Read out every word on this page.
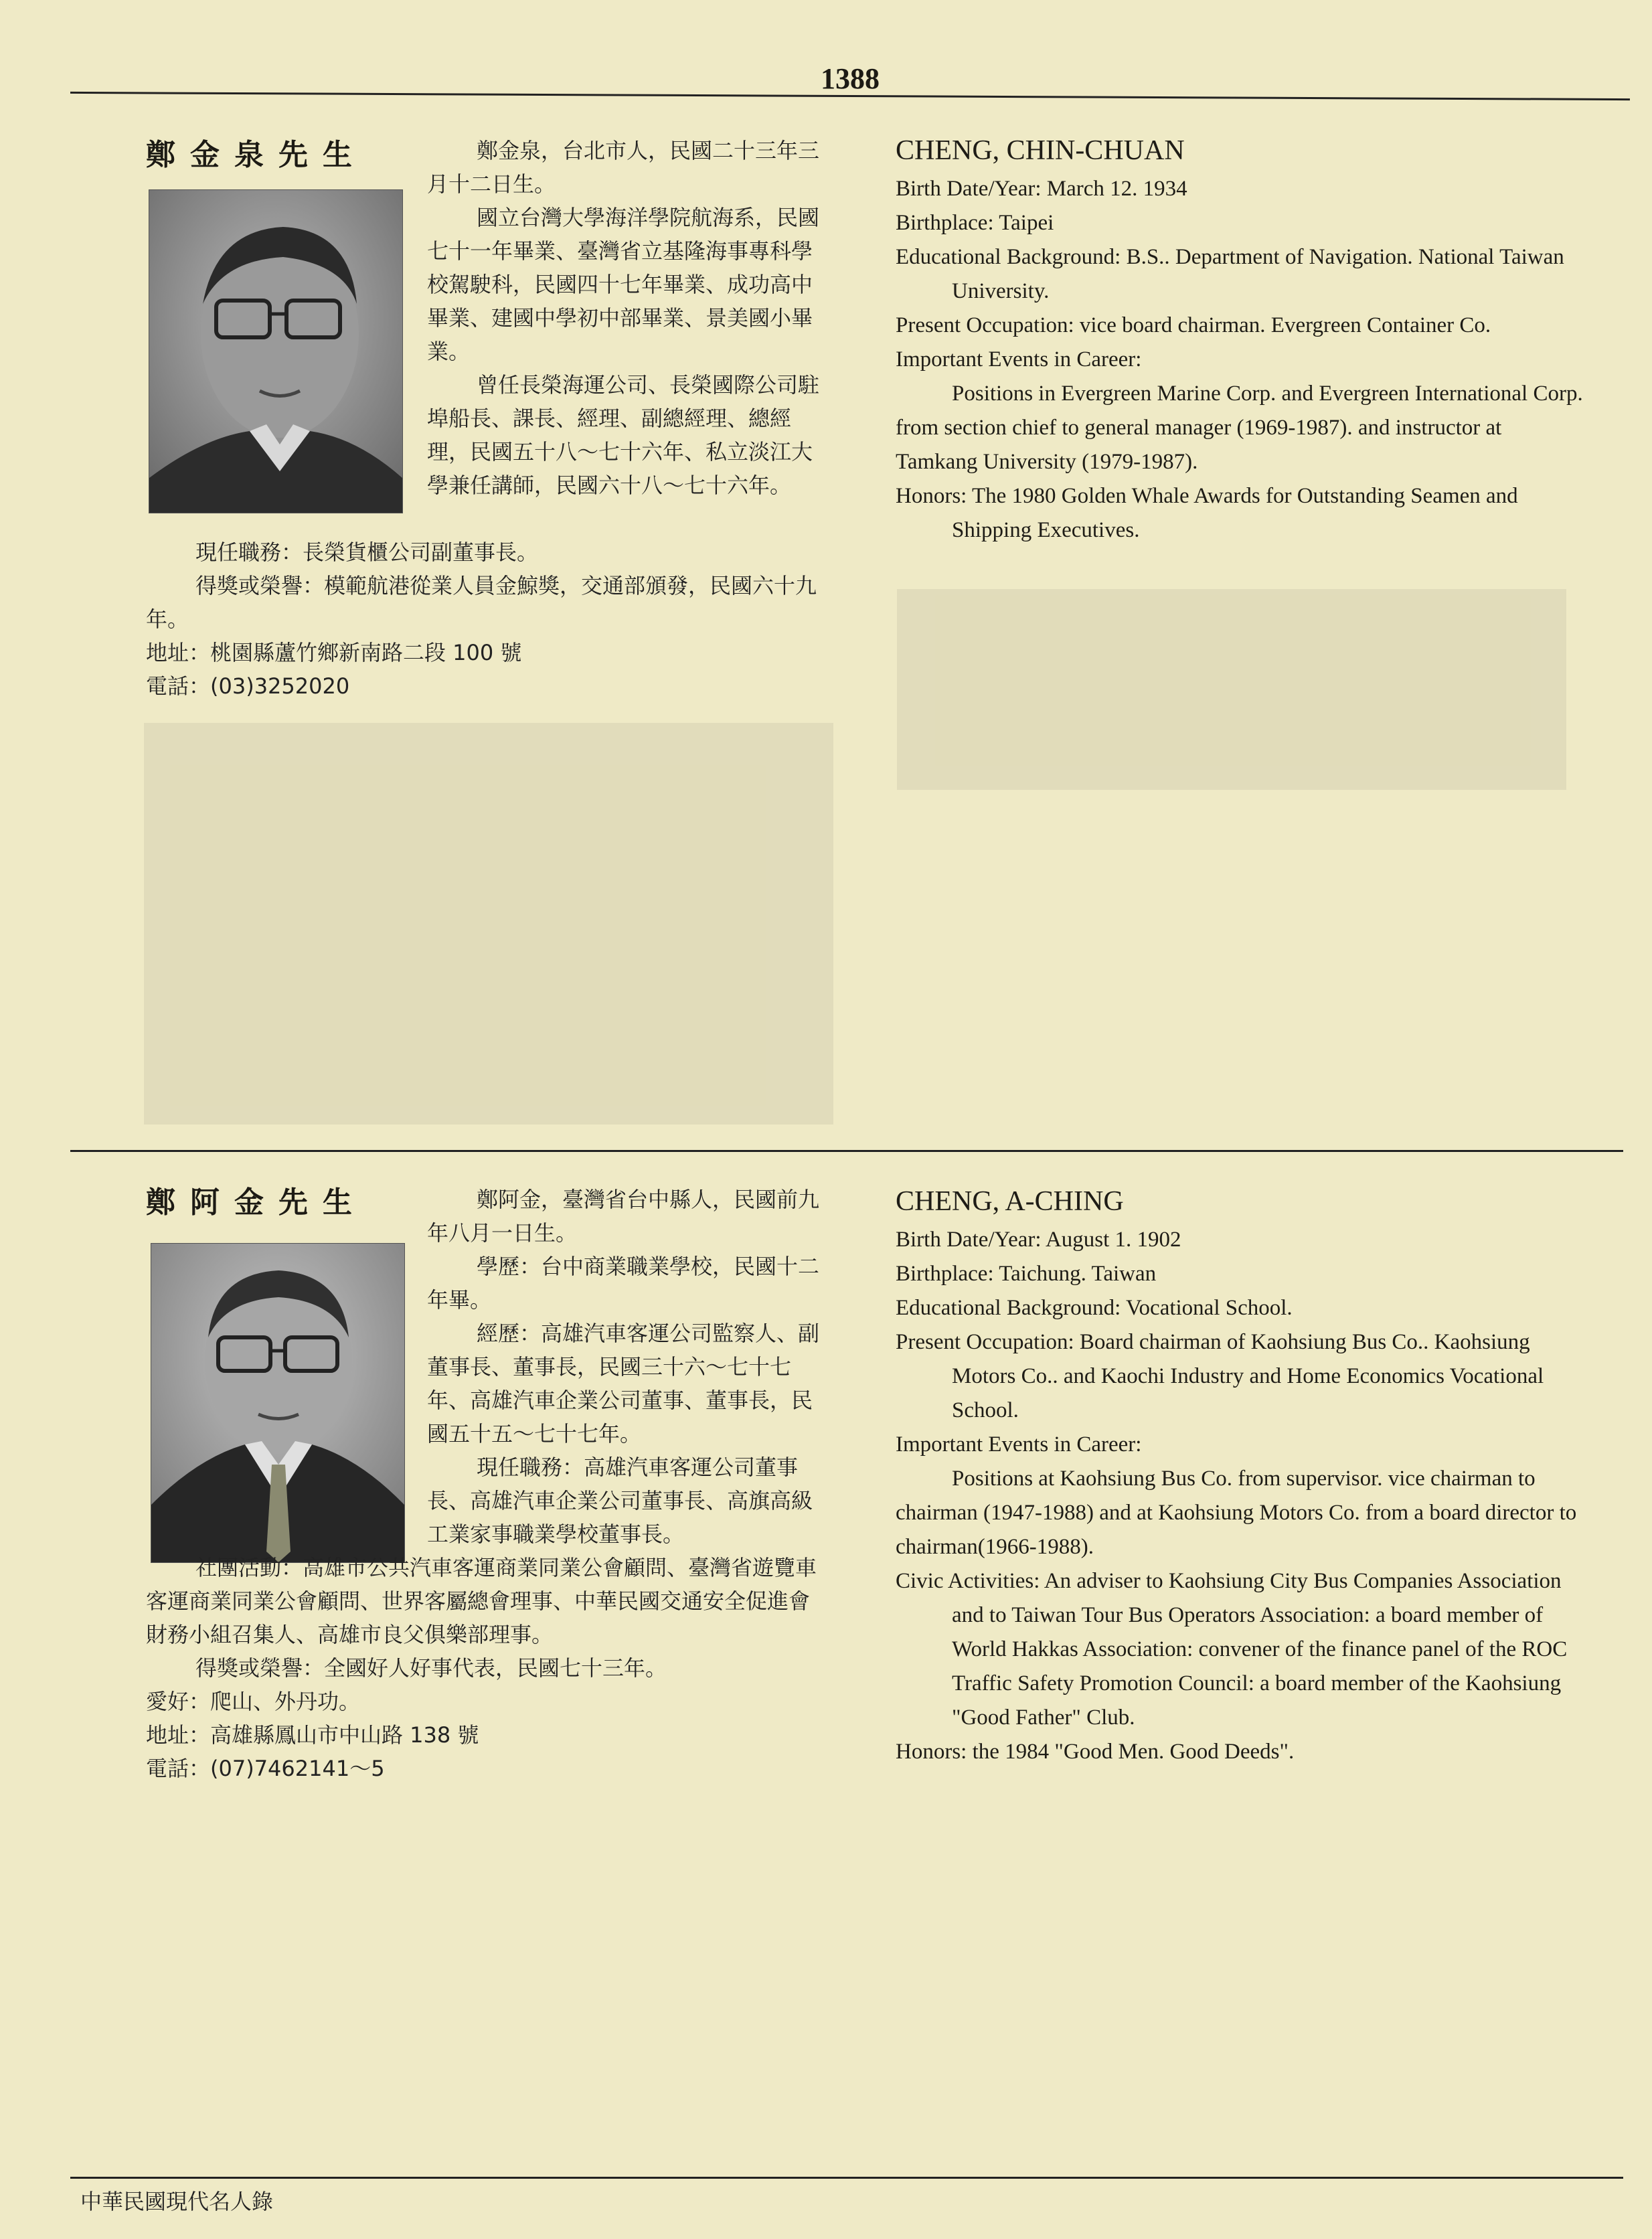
1388
鄭金泉先生	鄭金泉，台北市人，民國二十三年三月十二日生。

國立台灣大學海洋學院航海系，民國七十一年畢業、臺灣省立基隆海事專科學校駕駛科，民國四十七年畢業、成功高中畢業、建國中學初中部畢業、景美國小畢業。

曾任長榮海運公司、長榮國際公司駐埠船長、課長、經理、副總經理、總經理，民國五十八～七十六年、私立淡江大學兼任講師，民國六十八～七十六年。

現任職務：長榮貨櫃公司副董事長。

得獎或榮譽：模範航港從業人員金鯨獎，交通部頒發，民國六十九年。

地址：桃園縣蘆竹鄉新南路二段 100 號

電話：(03)3252020

CHENG, CHIN-CHUAN

Birth Date/Year: March 12. 1934

Birthplace: Taipei

Educational Background: B.S.. Department of Navigation. National Taiwan University.

Present Occupation: vice board chairman. Evergreen Container Co.

Important Events in Career:

Positions in Evergreen Marine Corp. and Evergreen International Corp. from section chief to general manager (1969-1987). and instructor at Tamkang University (1979-1987).

Honors: The 1980 Golden Whale Awards for Outstanding Seamen and Shipping Executives.

鄭阿金先生	鄭阿金，臺灣省台中縣人，民國前九年八月一日生。

學歷：台中商業職業學校，民國十二年畢。

經歷：高雄汽車客運公司監察人、副董事長、董事長，民國三十六～七十七年、高雄汽車企業公司董事、董事長，民國五十五～七十七年。

現任職務：高雄汽車客運公司董事長、高雄汽車企業公司董事長、高旗高級工業家事職業學校董事長。

社團活動：高雄市公共汽車客運商業同業公會顧問、臺灣省遊覽車客運商業同業公會顧問、世界客屬總會理事、中華民國交通安全促進會財務小組召集人、高雄市良父俱樂部理事。

得獎或榮譽：全國好人好事代表，民國七十三年。

愛好：爬山、外丹功。

地址：高雄縣鳳山市中山路 138 號

電話：(07)7462141～5

CHENG, A-CHING

Birth Date/Year: August 1. 1902

Birthplace: Taichung. Taiwan

Educational Background: Vocational School.

Present Occupation: Board chairman of Kaohsiung Bus Co.. Kaohsiung Motors Co.. and Kaochi Industry and Home Economics Vocational School.

Important Events in Career:

Positions at Kaohsiung Bus Co. from supervisor. vice chairman to chairman (1947-1988) and at Kaohsiung Motors Co. from a board director to chairman(1966-1988).

Civic Activities: An adviser to Kaohsiung City Bus Companies Association and to Taiwan Tour Bus Operators Association: a board member of World Hakkas Association: convener of the finance panel of the ROC Traffic Safety Promotion Council: a board member of the Kaohsiung "Good Father" Club.

Honors: the 1984 "Good Men. Good Deeds".

中華民國現代名人錄
